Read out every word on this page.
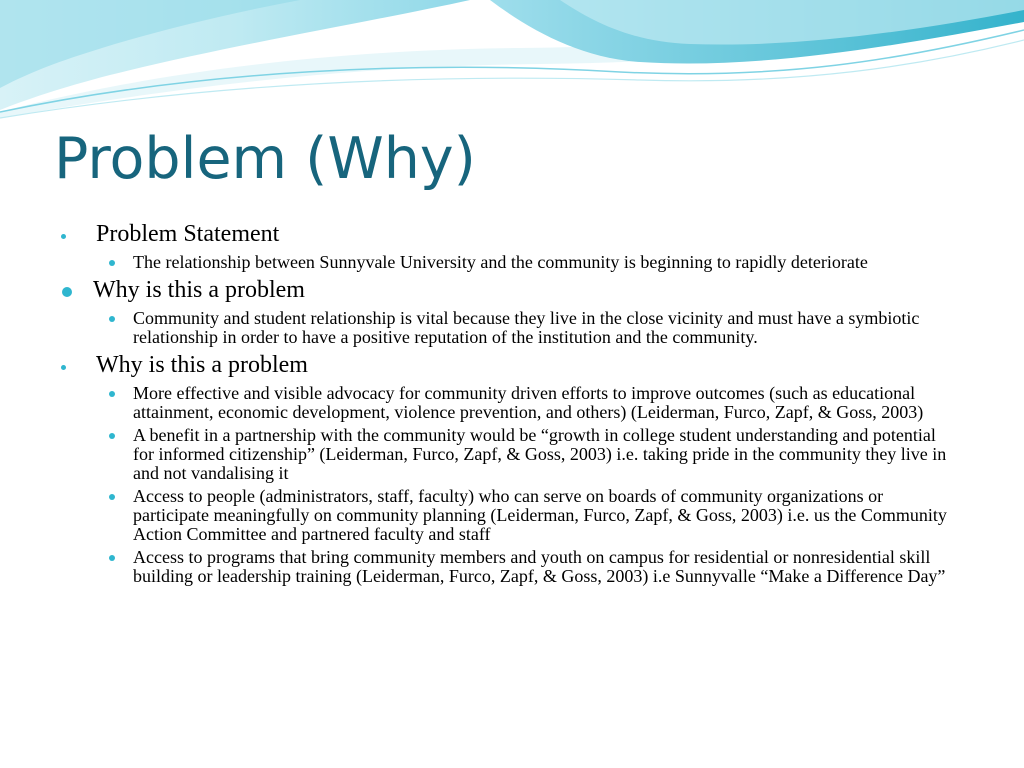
Problem (Why)
Problem Statement
The relationship between Sunnyvale University and the community is beginning to rapidly deteriorate
Why is this a problem
Community and student relationship is vital because they live in the close vicinity and must have a symbiotic relationship in order to have a positive reputation of the institution and the community.
Why is this a problem
More effective and visible advocacy for community driven efforts to improve outcomes (such as educational attainment, economic development, violence prevention, and others) (Leiderman, Furco, Zapf, & Goss, 2003)
A benefit in a partnership with the community would be “growth in college student understanding and potential for informed citizenship” (Leiderman, Furco, Zapf, & Goss, 2003) i.e. taking pride in the community they live in and not vandalising it
Access to people (administrators, staff, faculty) who can serve on boards of community organizations or participate meaningfully on community planning (Leiderman, Furco, Zapf, & Goss, 2003) i.e. us the Community Action Committee and partnered faculty and staff
Access to programs that bring community members and youth on campus for residential or nonresidential skill building or leadership training (Leiderman, Furco, Zapf, & Goss, 2003) i.e Sunnyvalle “Make a Difference Day”
